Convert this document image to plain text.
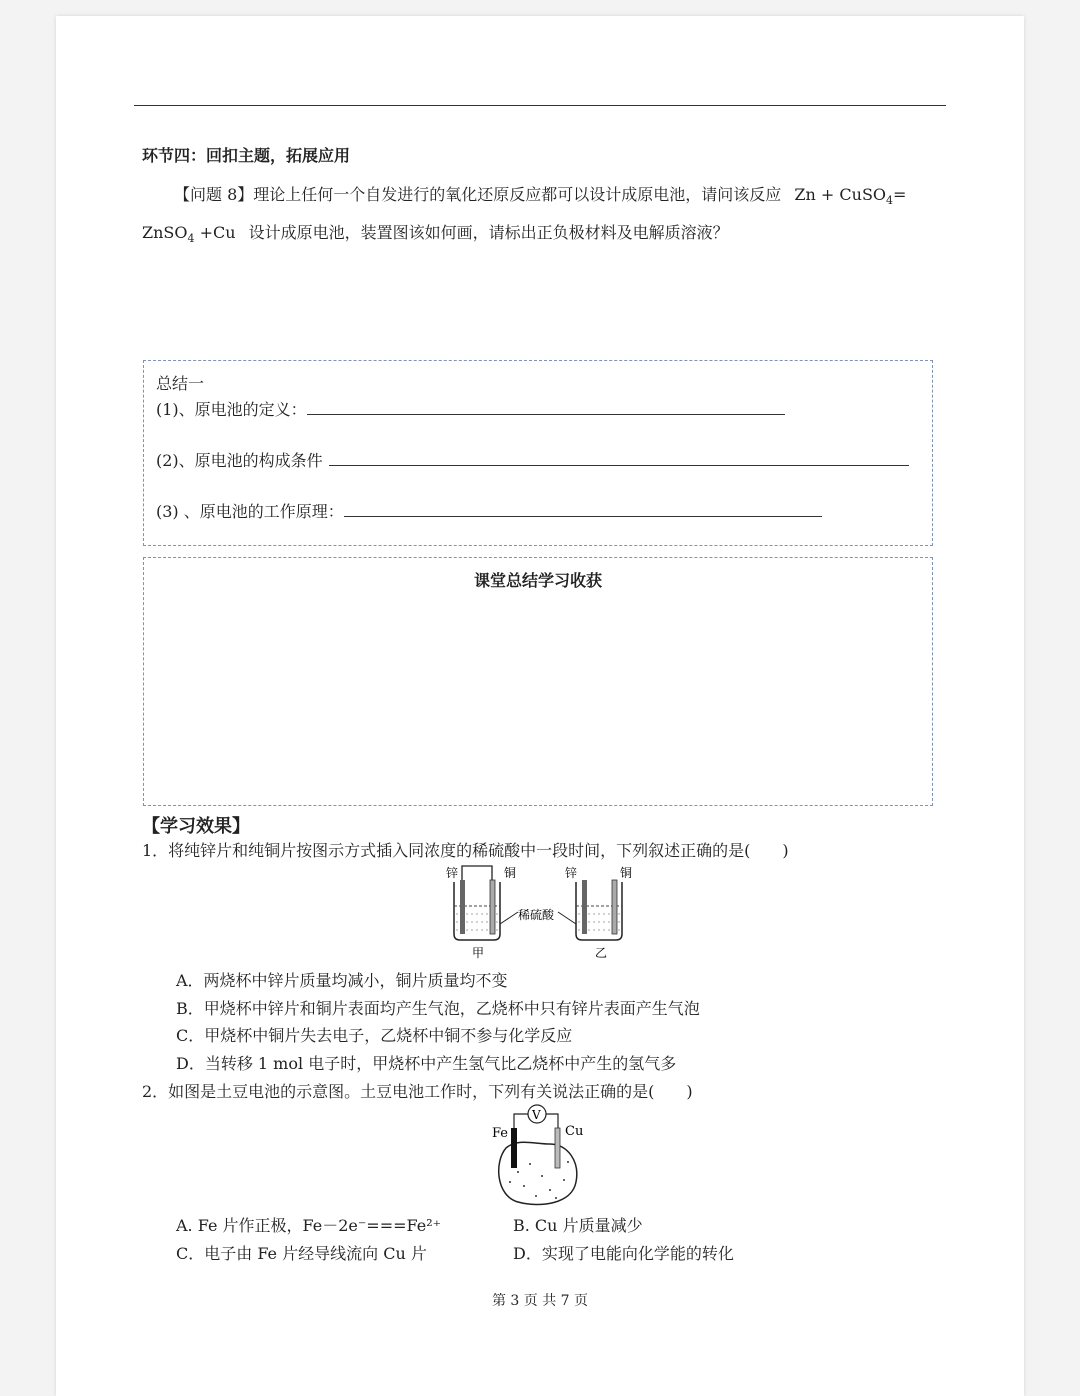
环节四：回扣主题，拓展应用
【问题 8】理论上任何一个自发进行的氧化还原反应都可以设计成原电池，请问该反应 Zn + CuSO$_4$=
ZnSO$_4$ +Cu 设计成原电池，装置图该如何画，请标出正负极材料及电解质溶液？
总结一
(1)、原电池的定义：
(2)、原电池的构成条件
(3) 、原电池的工作原理：
课堂总结学习收获
【学习效果】
1．将纯锌片和纯铜片按图示方式插入同浓度的稀硫酸中一段时间，下列叙述正确的是(　　)
锌	铜	锌	铜
稀硫酸
甲	乙
A．两烧杯中锌片质量均减小，铜片质量均不变
B．甲烧杯中锌片和铜片表面均产生气泡，乙烧杯中只有锌片表面产生气泡
C．甲烧杯中铜片失去电子，乙烧杯中铜不参与化学反应
D．当转移 1 mol 电子时，甲烧杯中产生氢气比乙烧杯中产生的氢气多
2．如图是土豆电池的示意图。土豆电池工作时，下列有关说法正确的是(　　)
Fe	Cu
V
A. Fe 片作正极，Fe－2e⁻===Fe²⁺	B. Cu 片质量减少
C．电子由 Fe 片经导线流向 Cu 片	D．实现了电能向化学能的转化
第 3 页 共 7 页
